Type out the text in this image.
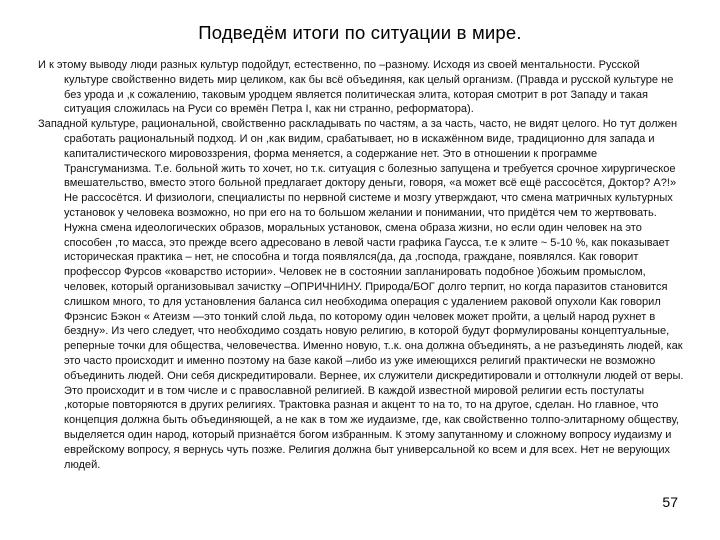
Подведём итоги по ситуации в мире.

И к этому выводу люди разных культур подойдут, естественно, по –разному. Исходя из своей ментальности. Русской культуре свойственно видеть мир целиком, как бы всё объединяя, как целый организм. (Правда и русской культуре не без урода и ,к сожалению, таковым уродцем является политическая элита, которая смотрит в рот Западу и такая ситуация сложилась на Руси со времён Петра I, как ни странно, реформатора).

Западной культуре, рациональной, свойственно раскладывать по частям, а за часть, часто, не видят целого. Но тут должен сработать рациональный подход. И он ,как видим, срабатывает, но в искажённом виде, традиционно для запада и капиталистического мировоззрения, форма меняется, а содержание нет. Это в отношении к программе Трансгуманизма. Т.е. больной жить то хочет, но т.к. ситуация с болезнью запущена и требуется срочное хирургическое вмешательство, вместо этого больной предлагает доктору деньги, говоря, «а может всё ещё рассосётся, Доктор? А?!» Не рассосётся. И физиологи, специалисты по нервной системе и мозгу утверждают, что смена матричных культурных установок у человека возможно, но при его на то большом желании и понимании, что придётся чем то жертвовать. Нужна смена идеологических образов, моральных установок, смена образа жизни, но если один человек на это способен ,то масса, это прежде всего адресовано в левой части графика Гаусса, т.е к элите ~ 5-10 %, как показывает историческая практика – нет, не способна и тогда появлялся(да, да ,господа, граждане, появлялся. Как говорит профессор Фурсов «коварство истории». Человек не в состоянии запланировать подобное )божьим промыслом, человек, который организовывал зачистку –ОПРИЧНИНУ. Природа/БОГ долго терпит, но когда паразитов становится слишком много, то для установления баланса сил необходима операция с удалением раковой опухоли Как говорил Фрэнсис Бэкон « Атеизм —это тонкий слой льда, по которому один человек может пройти, а целый народ рухнет в бездну». Из чего следует, что необходимо создать новую религию, в которой будут формулированы концептуальные, реперные точки для общества, человечества. Именно новую, т..к. она должна объединять, а не разъединять людей, как это часто происходит и именно поэтому на базе какой –либо из уже имеющихся религий практически не возможно объединить людей. Они себя дискредитировали. Вернее, их служители дискредитировали и оттолкнули людей от веры. Это происходит и в том числе и с православной религией. В каждой известной мировой религии есть постулаты ,которые повторяются в других религиях. Трактовка разная и акцент то на то, то на другое, сделан. Но главное, что концепция должна быть объединяющей, а не как в том же иудаизме, где, как свойственно толпо-элитарному обществу, выделяется один народ, который признаётся богом избранным. К этому запутанному и сложному вопросу иудаизму и еврейскому вопросу, я вернусь чуть позже. Религия должна быт универсальной ко всем и для всех. Нет не верующих людей.

57
